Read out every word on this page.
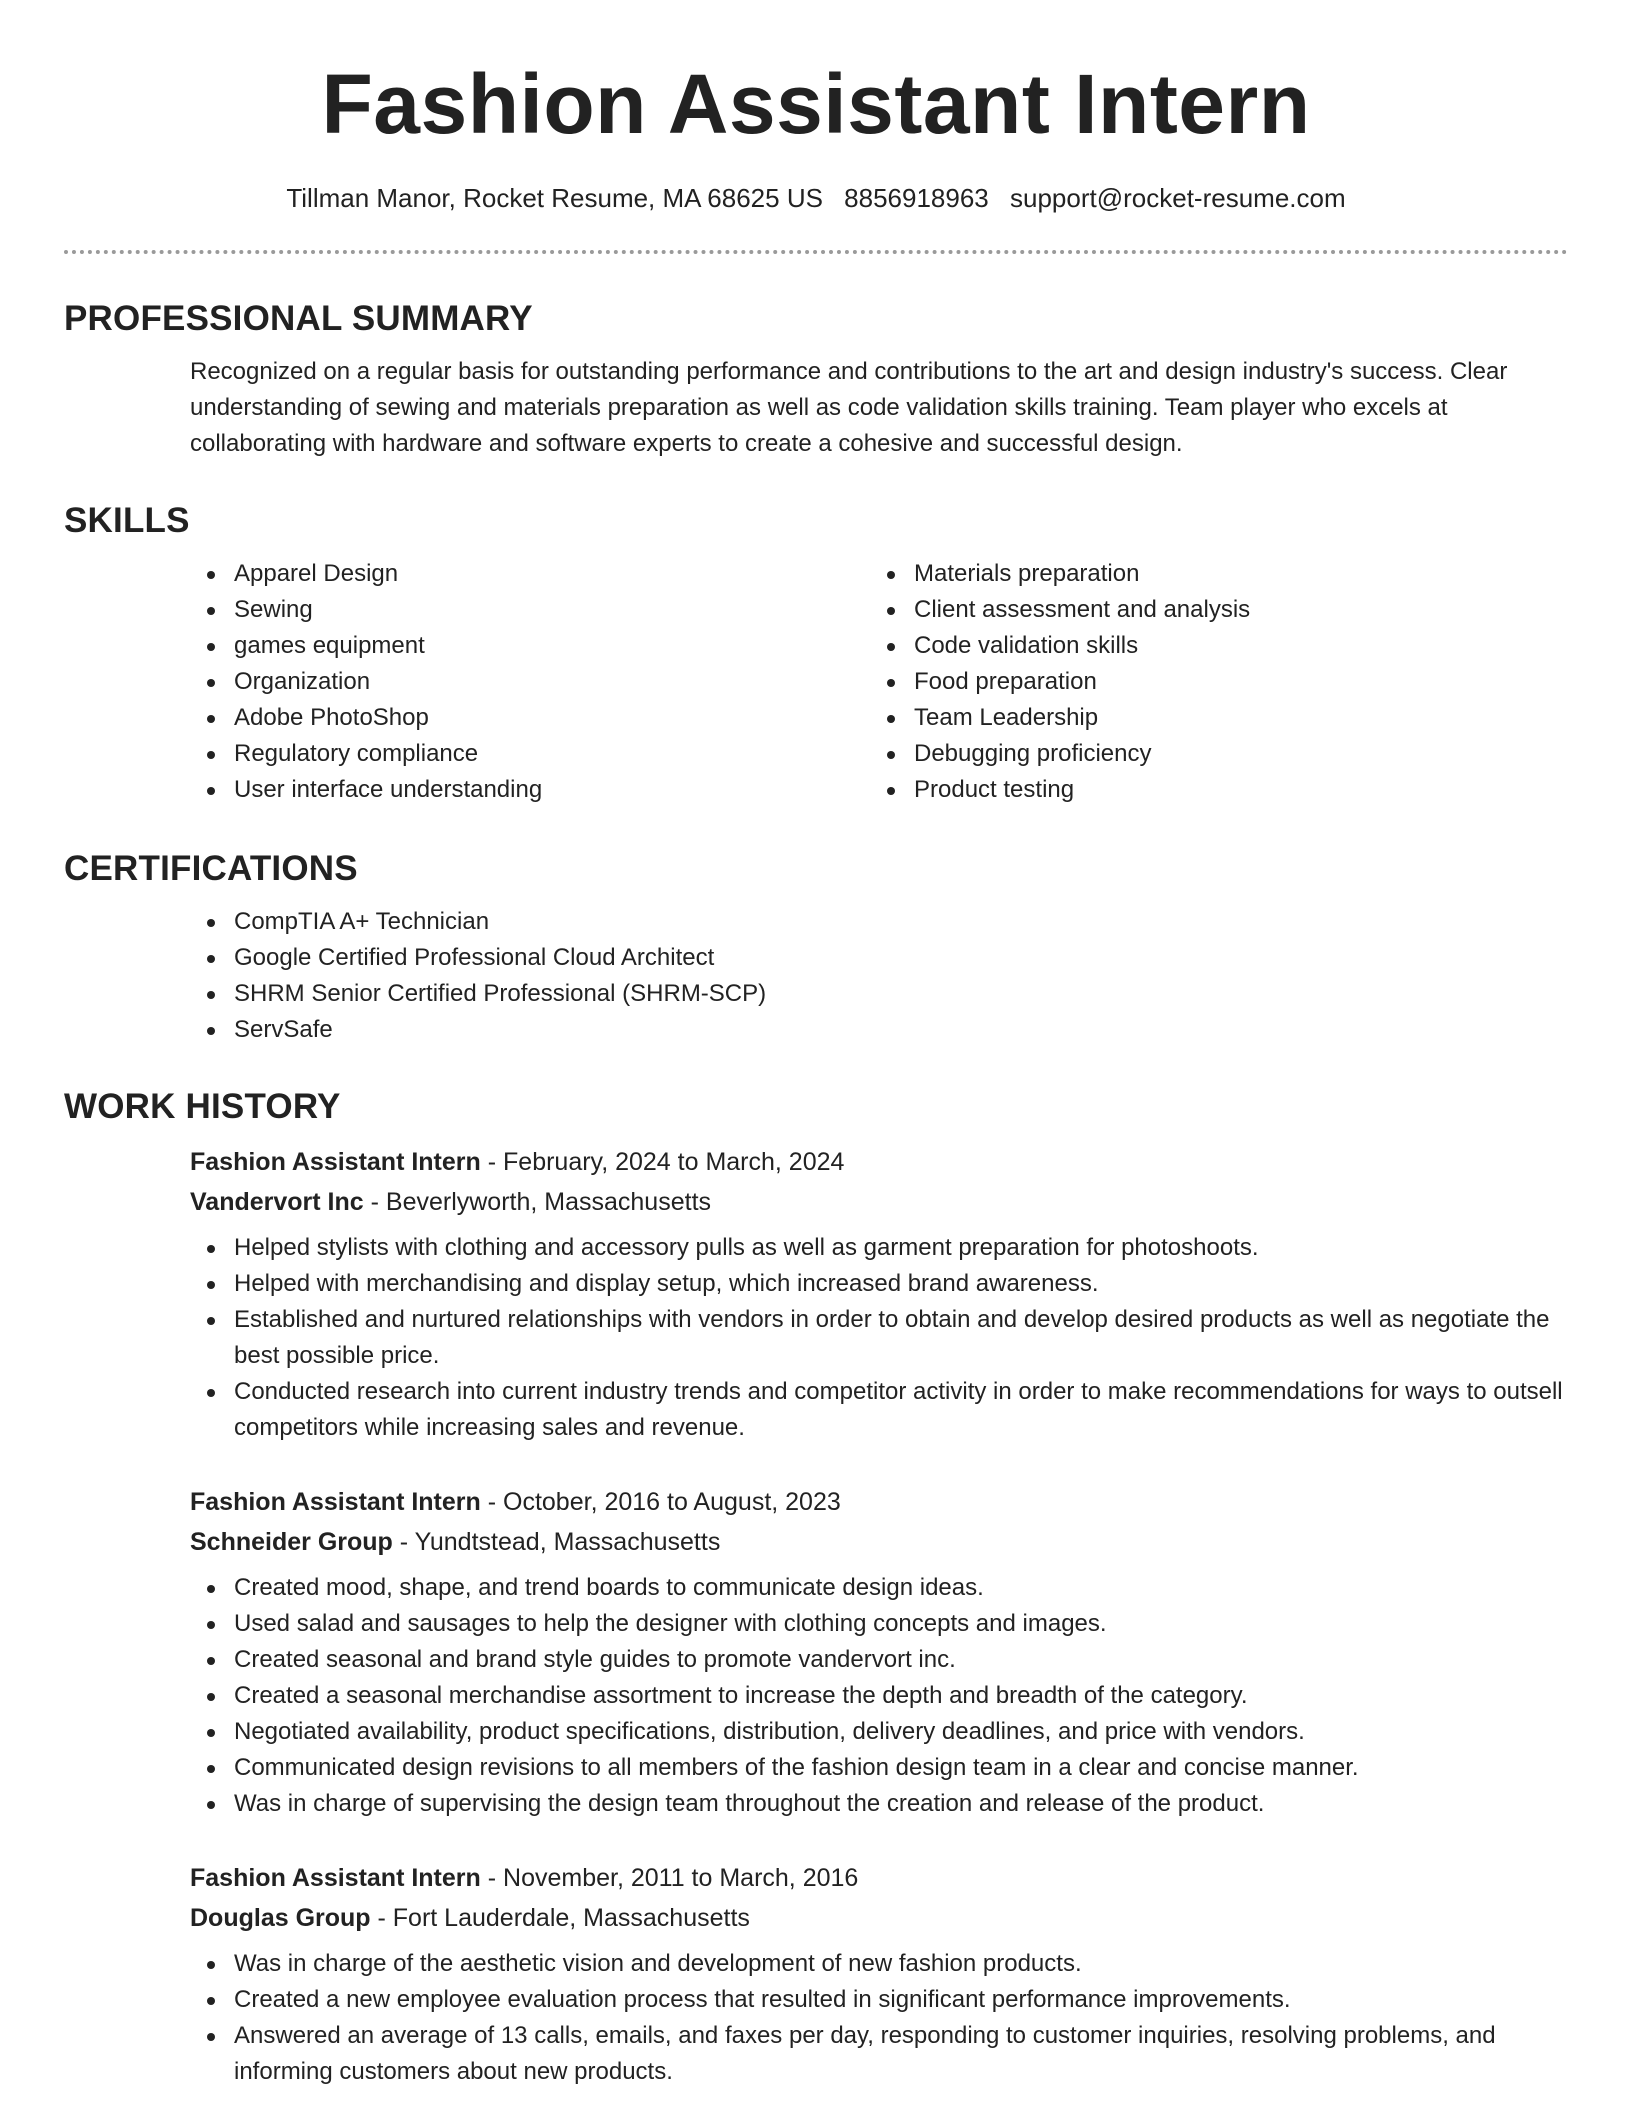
Fashion Assistant Intern
Tillman Manor, Rocket Resume, MA 68625 US 8856918963 support@rocket-resume.com
PROFESSIONAL SUMMARY

Recognized on a regular basis for outstanding performance and contributions to the art and design industry's success. Clear understanding of sewing and materials preparation as well as code validation skills training. Team player who excels at collaborating with hardware and software experts to create a cohesive and successful design.

SKILLS
Apparel Design
Sewing
games equipment
Organization
Adobe PhotoShop
Regulatory compliance
User interface understanding
Materials preparation
Client assessment and analysis
Code validation skills
Food preparation
Team Leadership
Debugging proficiency
Product testing
CERTIFICATIONS
CompTIA A+ Technician
Google Certified Professional Cloud Architect
SHRM Senior Certified Professional (SHRM-SCP)
ServSafe
WORK HISTORY
Fashion Assistant Intern - February, 2024 to March, 2024
Vandervort Inc - Beverlyworth, Massachusetts
Helped stylists with clothing and accessory pulls as well as garment preparation for photoshoots.
Helped with merchandising and display setup, which increased brand awareness.
Established and nurtured relationships with vendors in order to obtain and develop desired products as well as negotiate the best possible price.
Conducted research into current industry trends and competitor activity in order to make recommendations for ways to outsell competitors while increasing sales and revenue.
Fashion Assistant Intern - October, 2016 to August, 2023
Schneider Group - Yundtstead, Massachusetts
Created mood, shape, and trend boards to communicate design ideas.
Used salad and sausages to help the designer with clothing concepts and images.
Created seasonal and brand style guides to promote vandervort inc.
Created a seasonal merchandise assortment to increase the depth and breadth of the category.
Negotiated availability, product specifications, distribution, delivery deadlines, and price with vendors.
Communicated design revisions to all members of the fashion design team in a clear and concise manner.
Was in charge of supervising the design team throughout the creation and release of the product.
Fashion Assistant Intern - November, 2011 to March, 2016
Douglas Group - Fort Lauderdale, Massachusetts
Was in charge of the aesthetic vision and development of new fashion products.
Created a new employee evaluation process that resulted in significant performance improvements.
Answered an average of 13 calls, emails, and faxes per day, responding to customer inquiries, resolving problems, and informing customers about new products.
